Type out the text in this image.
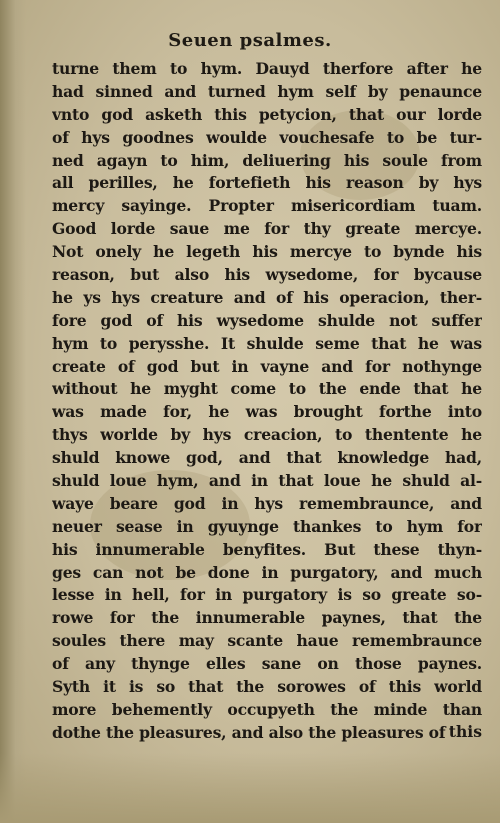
Seuen psalmes.
turne them to hym. Dauyd therfore after he
had sinned and turned hym self by penaunce
vnto god asketh this petycion, that our lorde
of hys goodnes woulde vouchesafe to be tur-
ned agayn to him, deliuering his soule from
all perilles, he fortefieth his reason by hys
mercy sayinge. Propter misericordiam tuam.
Good lorde saue me for thy greate mercye.
Not onely he legeth his mercye to bynde his
reason, but also his wysedome, for bycause
he ys hys creature and of his operacion, ther-
fore god of his wysedome shulde not suffer
hym to perysshe. It shulde seme that he was
create of god but in vayne and for nothynge
without he myght come to the ende that he
was made for, he was brought forthe into
thys worlde by hys creacion, to thentente he
shuld knowe god, and that knowledge had,
shuld loue hym, and in that loue he shuld al-
waye beare god in hys remembraunce, and
neuer sease in gyuynge thankes to hym for
his innumerable benyfites. But these thyn-
ges can not be done in purgatory, and much
lesse in hell, for in purgatory is so greate so-
rowe for the innumerable paynes, that the
soules there may scante haue remembraunce
of any thynge elles sane on those paynes.
Syth it is so that the sorowes of this world
more behemently occupyeth the minde than
dothe the pleasures, and also the pleasures of this
